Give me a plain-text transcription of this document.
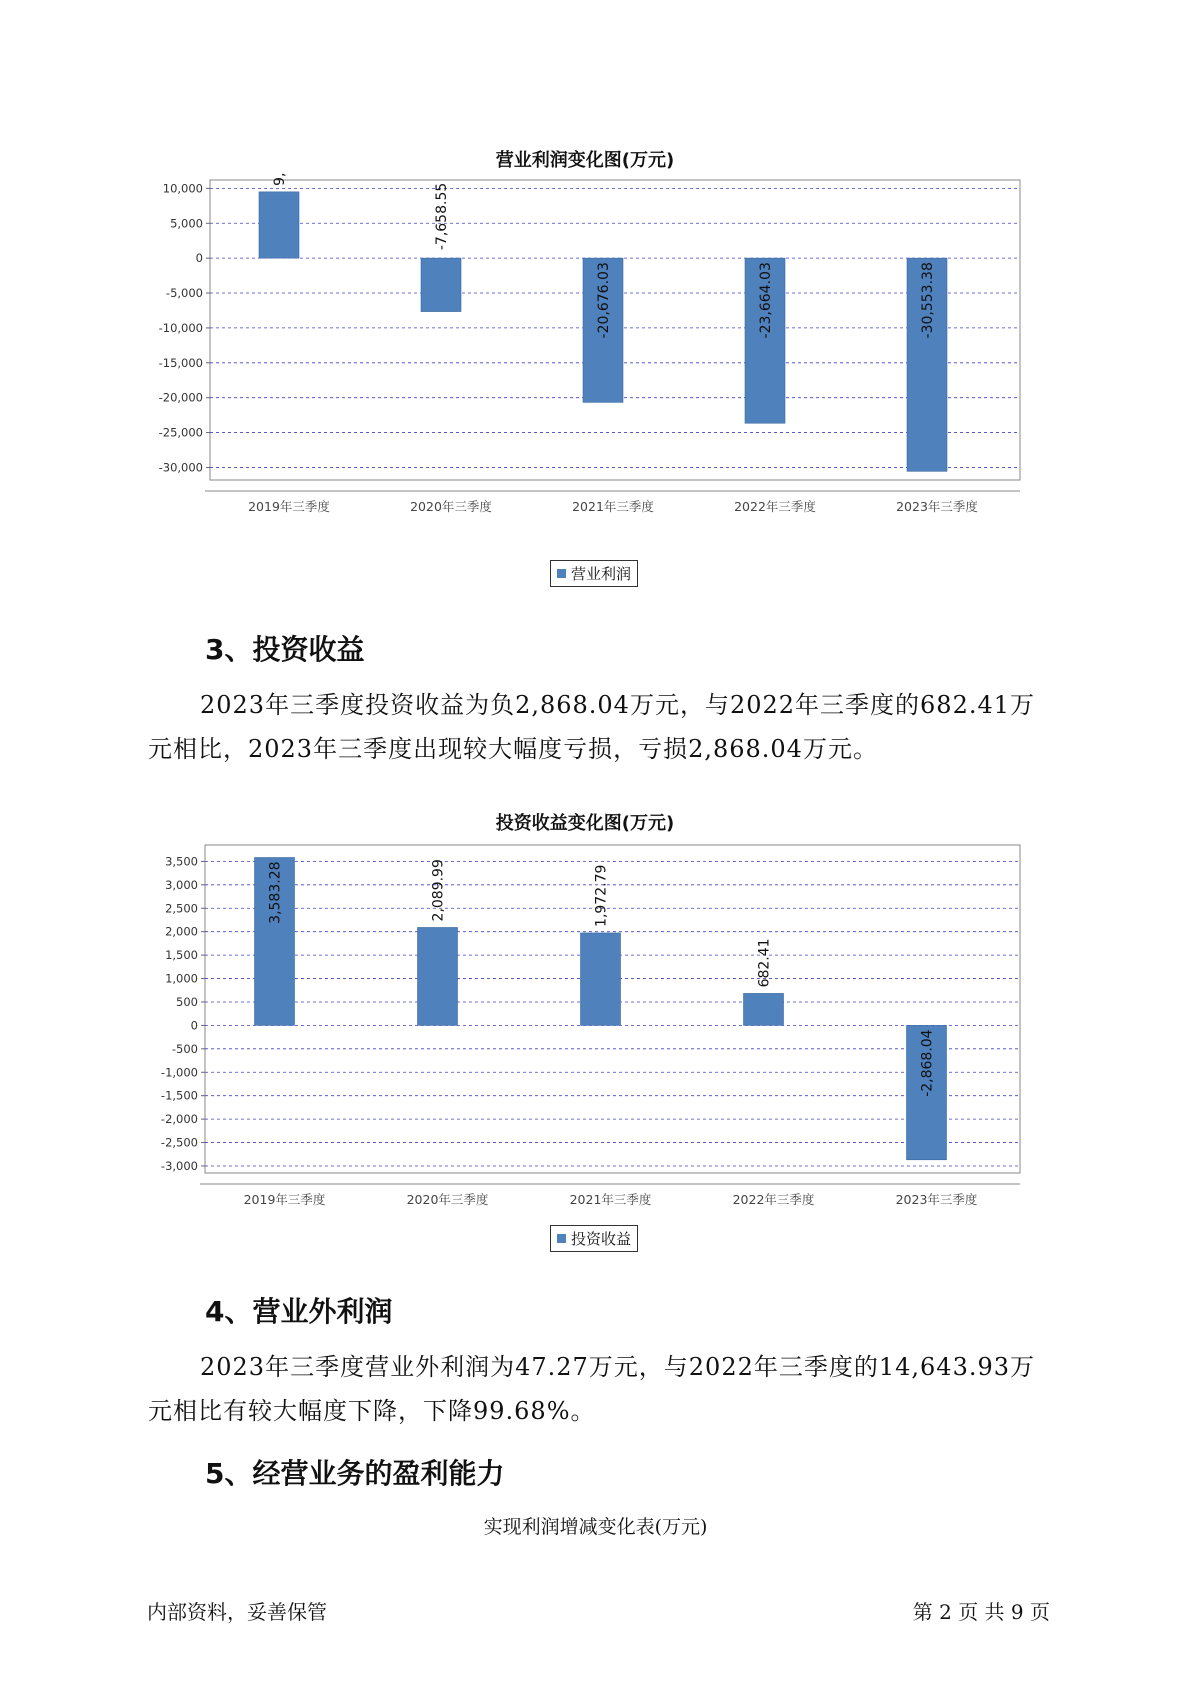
营业利润变化图(万元)
10,000
5,000
0
-5,000
-10,000
-15,000
-20,000
-25,000
-30,000
9,
2019年三季度
-7,658.55
2020年三季度
-20,676.03
2021年三季度
-23,664.03
2022年三季度
-30,553.38
2023年三季度
营业利润
3、投资收益
2023年三季度投资收益为负2,868.04万元，与2022年三季度的682.41万元相比，2023年三季度出现较大幅度亏损，亏损2,868.04万元。
投资收益变化图(万元)
3,500
3,000
2,500
2,000
1,500
1,000
500
0
-500
-1,000
-1,500
-2,000
-2,500
-3,000
3,583.28
2019年三季度
2,089.99
2020年三季度
1,972.79
2021年三季度
682.41
2022年三季度
-2,868.04
2023年三季度
投资收益
4、营业外利润
2023年三季度营业外利润为47.27万元，与2022年三季度的14,643.93万元相比有较大幅度下降，下降99.68%。
5、经营业务的盈利能力
实现利润增减变化表(万元)
内部资料，妥善保管	第 2 页 共 9 页
